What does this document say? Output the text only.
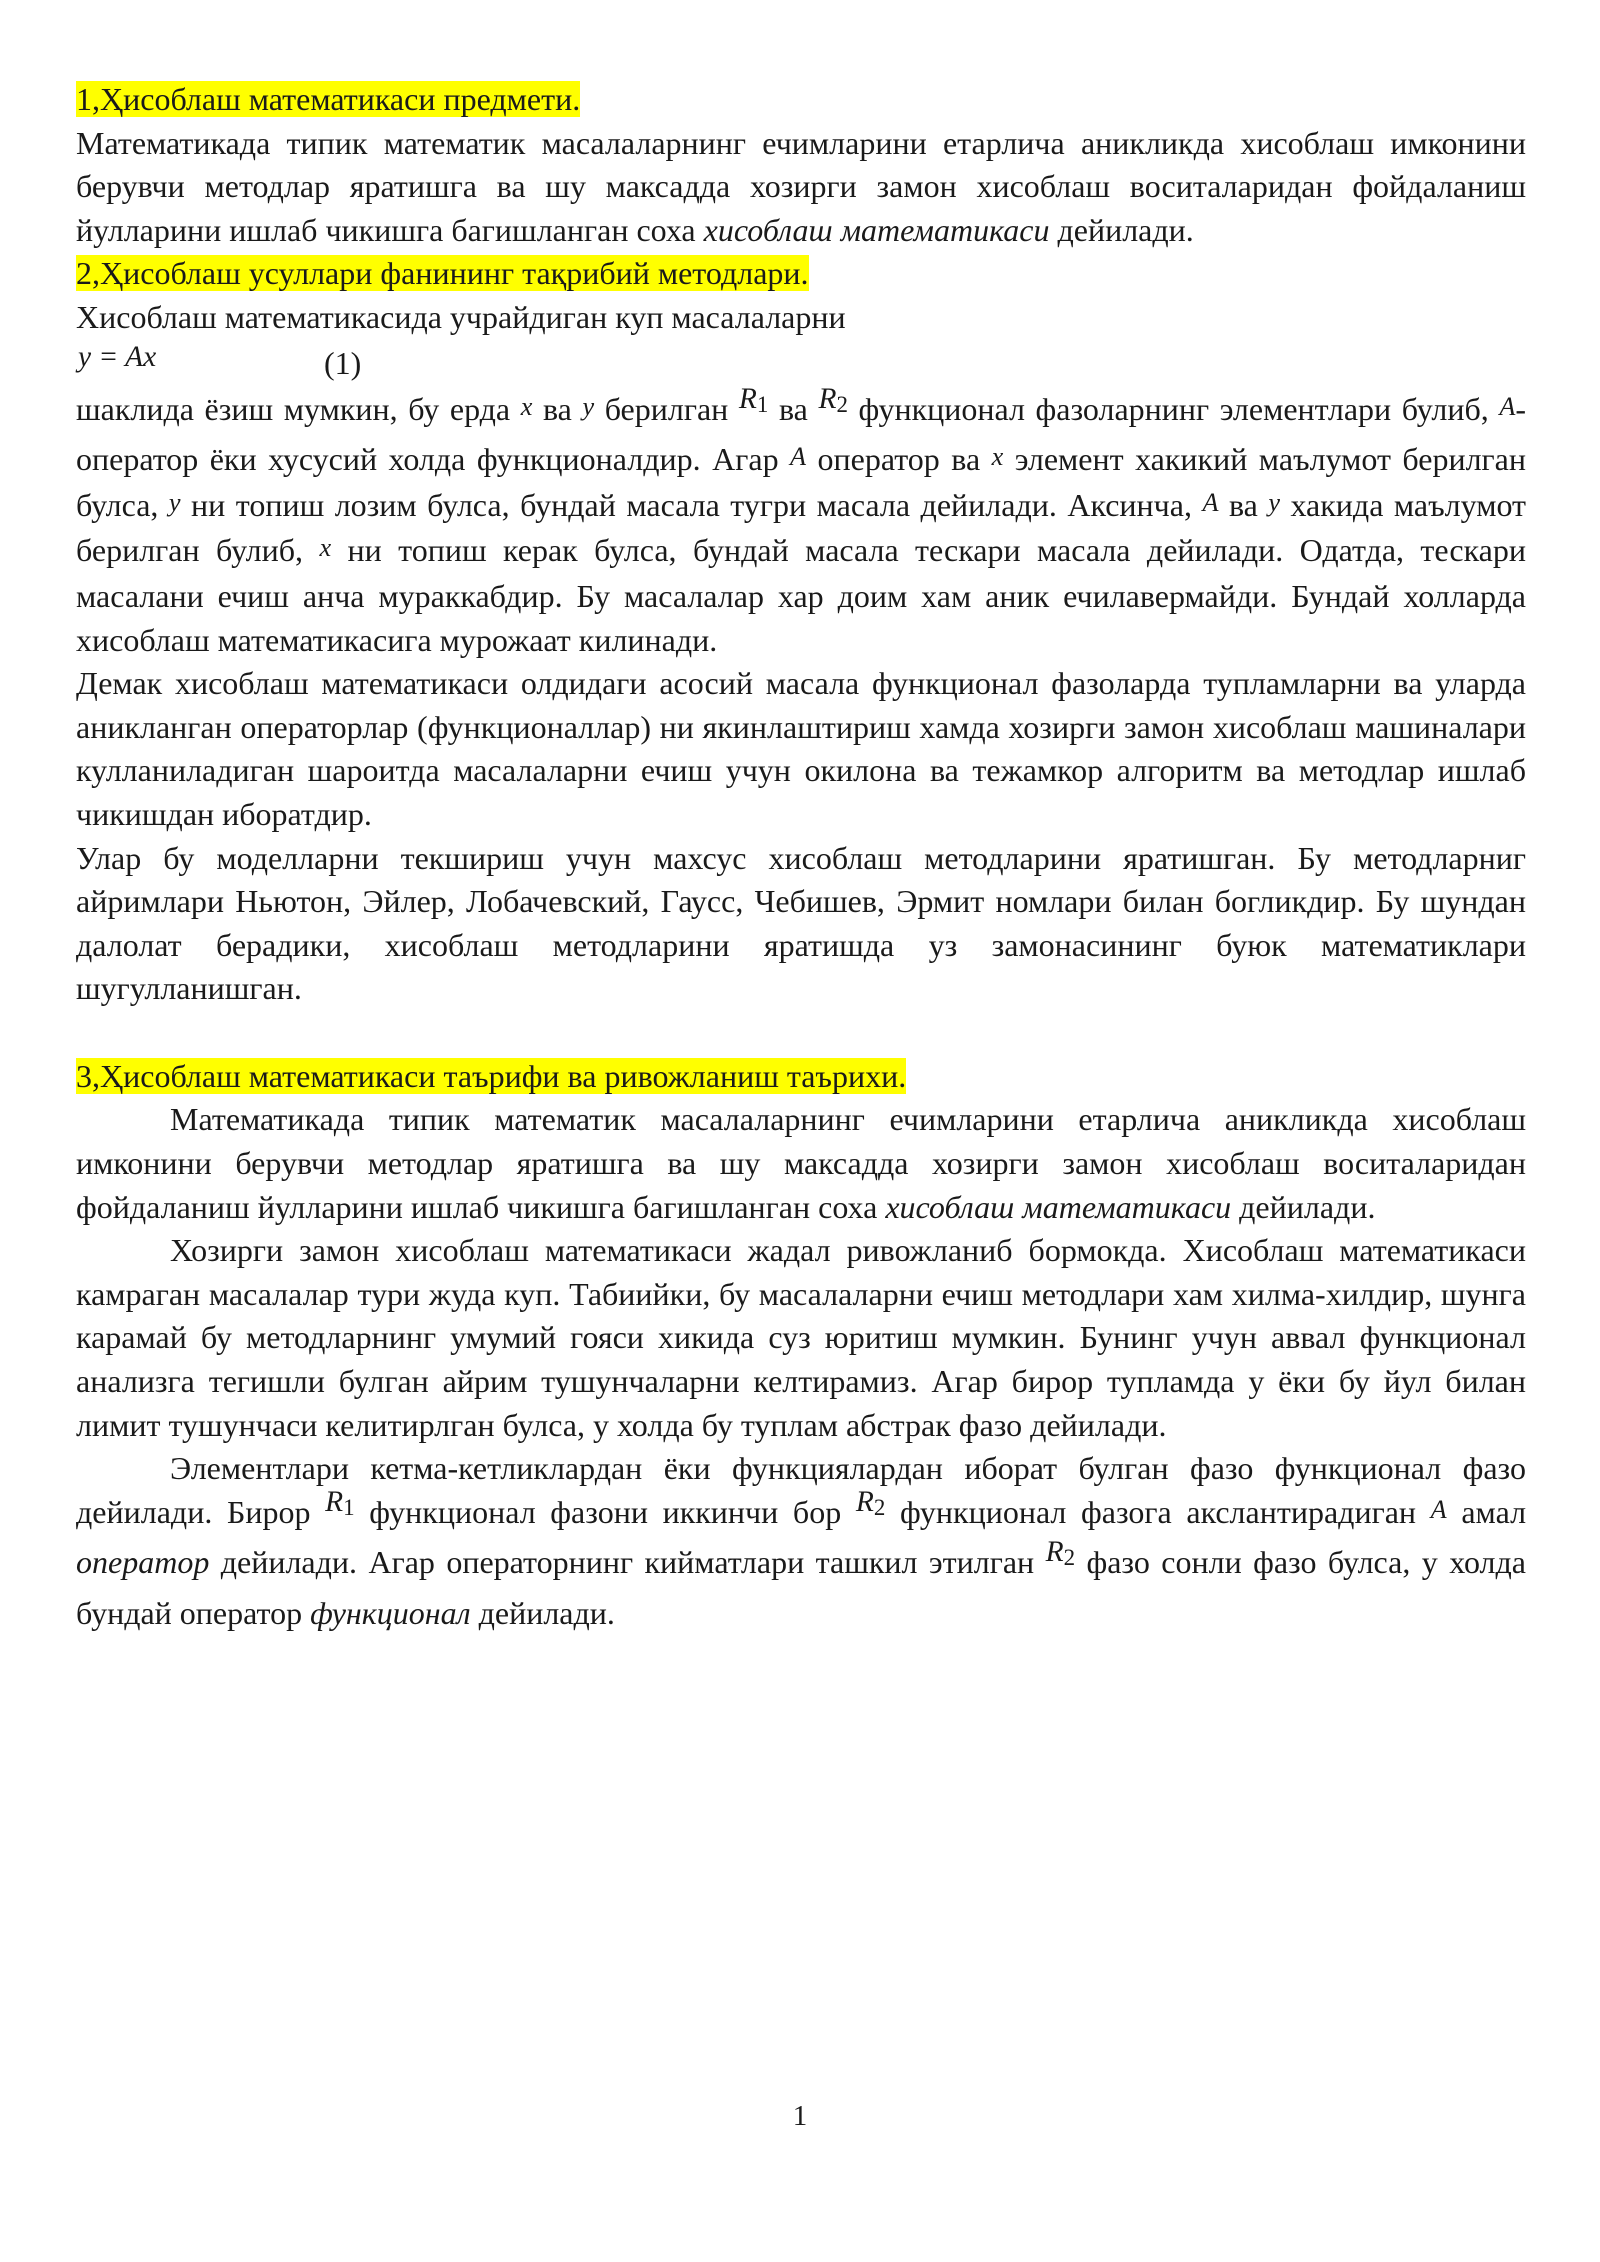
1,Ҳисоблаш математикаси предмети.

Математикада типик математик масалаларнинг ечимларини етарлича аникликда хисоблаш имконини берувчи методлар яратишга ва шу максадда хозирги замон хисоблаш воситаларидан фойдаланиш йулларини ишлаб чикишга багишланган соха хисоблаш математикаси дейилади.

2,Ҳисоблаш усуллари фанининг тақрибий методлари.

Хисоблаш математикасида учрайдиган куп масалаларни

y = Ax	(1)

шаклида ёзиш мумкин, бу ерда x ва y берилган $R_1$ ва $R_2$ функционал фазоларнинг элементлари булиб, A-оператор ёки хусусий холда функционалдир. Агар A оператор ва x элемент хакикий маълумот берилган булса, y ни топиш лозим булса, бундай масала тугри масала дейилади. Аксинча, A ва y хакида маълумот берилган булиб, x ни топиш керак булса, бундай масала тескари масала дейилади. Одатда, тескари масалани ечиш анча мураккабдир. Бу масалалар хар доим хам аник ечилавермайди. Бундай холларда хисоблаш математикасига мурожаат килинади.

Демак хисоблаш математикаси олдидаги асосий масала функционал фазоларда тупламларни ва уларда аникланган операторлар (функционаллар) ни якинлаштириш хамда хозирги замон хисоблаш машиналари кулланиладиган шароитда масалаларни ечиш учун окилона ва тежамкор алгоритм ва методлар ишлаб чикишдан иборатдир.

Улар бу моделларни текшириш учун махсус хисоблаш методларини яратишган. Бу методларниг айримлари Ньютон, Эйлер, Лобачевский, Гаусс, Чебишев, Эрмит номлари билан богликдир. Бу шундан далолат берадики, хисоблаш методларини яратишда уз замонасининг буюк математиклари шугулланишган.

3,Ҳисоблаш математикаси таърифи ва ривожланиш таърихи.

Математикада типик математик масалаларнинг ечимларини етарлича аникликда хисоблаш имконини берувчи методлар яратишга ва шу максадда хозирги замон хисоблаш воситаларидан фойдаланиш йулларини ишлаб чикишга багишланган соха хисоблаш математикаси дейилади.

Хозирги замон хисоблаш математикаси жадал ривожланиб бормокда. Хисоблаш математикаси камраган масалалар тури жуда куп. Табиийки, бу масалаларни ечиш методлари хам хилма-хилдир, шунга карамай бу методларнинг умумий гояси хикида суз юритиш мумкин. Бунинг учун аввал функционал анализга тегишли булган айрим тушунчаларни келтирамиз. Агар бирор тупламда у ёки бу йул билан лимит тушунчаси келитирлган булса, у холда бу туплам абстрак фазо дейилади.

Элементлари кетма-кетликлардан ёки функциялардан иборат булган фазо функционал фазо дейилади. Бирор $R_1$ функционал фазони иккинчи бор $R_2$ функционал фазога акслантирадиган A амал оператор дейилади. Агар операторнинг кийматлари ташкил этилган $R_2$ фазо сонли фазо булса, у холда бундай оператор функционал дейилади.

1
